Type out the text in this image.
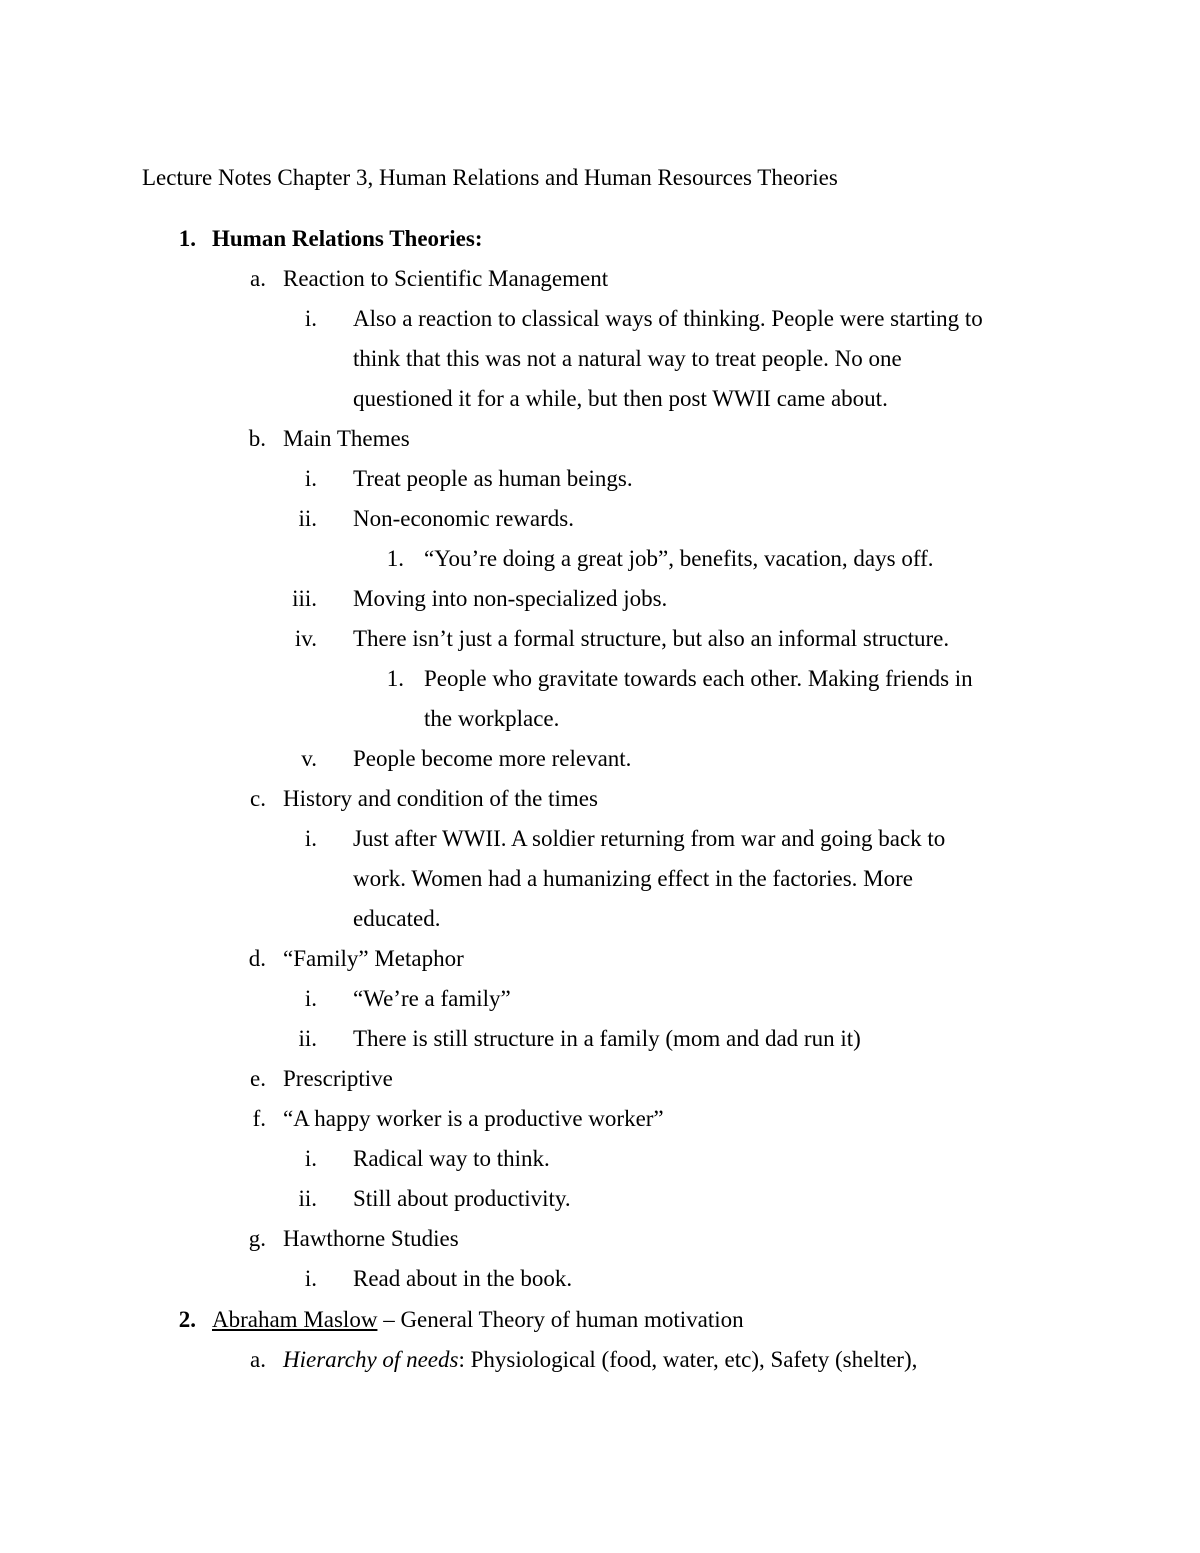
Lecture Notes Chapter 3, Human Relations and Human Resources Theories
1. Human Relations Theories:
a. Reaction to Scientific Management
i. Also a reaction to classical ways of thinking. People were starting to
think that this was not a natural way to treat people. No one
questioned it for a while, but then post WWII came about.
b. Main Themes
i. Treat people as human beings.
ii. Non-economic rewards.
1. “You’re doing a great job”, benefits, vacation, days off.
iii. Moving into non-specialized jobs.
iv. There isn’t just a formal structure, but also an informal structure.
1. People who gravitate towards each other. Making friends in
the workplace.
v. People become more relevant.
c. History and condition of the times
i. Just after WWII. A soldier returning from war and going back to
work. Women had a humanizing effect in the factories. More
educated.
d. “Family” Metaphor
i. “We’re a family”
ii. There is still structure in a family (mom and dad run it)
e. Prescriptive
f. “A happy worker is a productive worker”
i. Radical way to think.
ii. Still about productivity.
g. Hawthorne Studies
i. Read about in the book.
2. Abraham Maslow – General Theory of human motivation
a. Hierarchy of needs: Physiological (food, water, etc), Safety (shelter),
